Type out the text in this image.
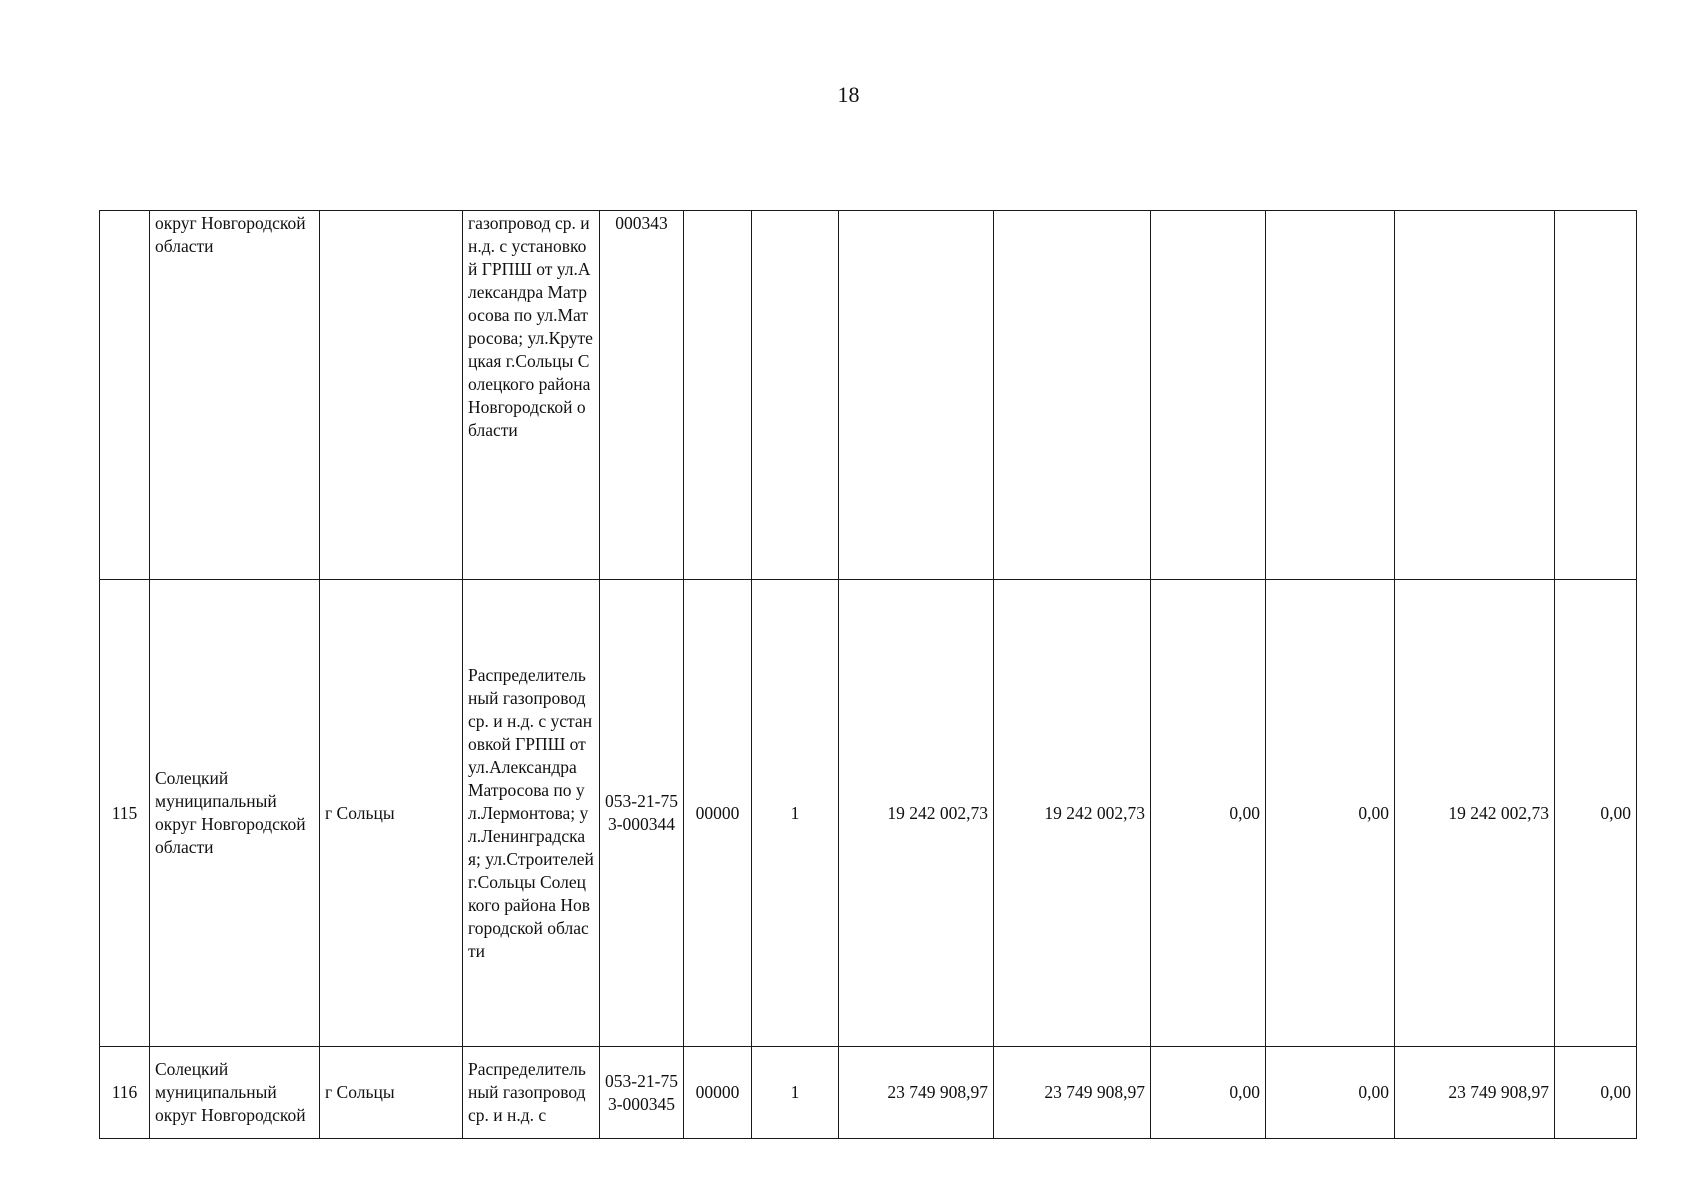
18
	округ Новгородской области		газопровод ср. и н.д. с установкой ГРПШ от ул.Александра Матросова по ул.Матросова; ул.Крутецкая г.Сольцы Солецкого района Новгородской области	000343								
115	Солецкий муниципальный округ Новгородской области	г Сольцы	Распределительный газопровод ср. и н.д. с установкой ГРПШ от ул.Александра Матросова по ул.Лермонтова; ул.Ленинградская; ул.Строителей г.Сольцы Солецкого района Новгородской области	053-21-753-000344	00000	1	19 242 002,73	19 242 002,73	0,00	0,00	19 242 002,73	0,00
116	Солецкий муниципальный округ Новгородской	г Сольцы	Распределительный газопровод ср. и н.д. с	053-21-753-000345	00000	1	23 749 908,97	23 749 908,97	0,00	0,00	23 749 908,97	0,00
